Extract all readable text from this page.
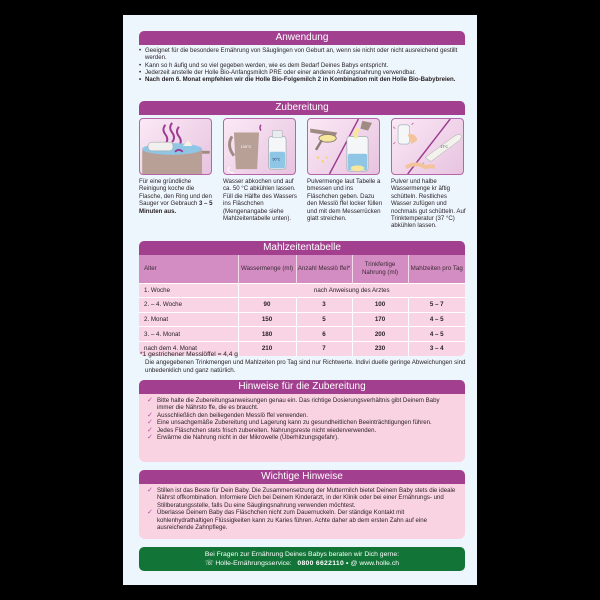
Anwendung
• Geeignet für die besondere Ernährung von Säuglingen von Geburt an, wenn sie nicht oder nicht ausreichend gestillt werden.
• Kann so h äufig und so viel gegeben werden, wie es dem Bedarf Deines Babys entspricht.
• Jederzeit anstelle der Holle Bio-Anfangsmilch PRE oder einer anderen Anfangsnahrung verwendbar.
• Nach dem 6. Monat empfehlen wir die Holle Bio-Folgemilch 2 in Kombination mit den Holle Bio-Babybreien.
Zubereitung
100°C
50°C
37°C
Für eine gründliche Reinigung koche die Flasche, den Ring und den Sauger vor Gebrauch 3 – 5 Minuten aus.
Wasser abkochen und auf ca. 50 °C abkühlen lassen. Füll die Hälfte des Wassers ins Fläschchen (Mengenangabe siehe Mahlzeitentabelle unten).
Pulvermenge laut Tabelle a bmessen und ins Fläschchen geben. Dazu den Messlö ffel locker füllen und mit dem Messerrücken glatt streichen.
Pulver und halbe Wassermenge kr äftig schütteln. Restliches Wasser zufügen und nochmals gut schütteln. Auf Trinktemperatur (37 °C) abkühlen lassen.
Mahlzeitentabelle
Alter	Wassermenge (ml)	Anzahl Messlö ffel*	Trinkfertige Nahrung (ml)	Mahlzeiten pro Tag
1. Woche	nach Anweisung des Arztes			
2. – 4. Woche	90	3	100	5 – 7
2. Monat	150	5	170	4 – 5
3. – 4. Monat	180	6	200	4 – 5
nach dem 4. Monat	210	7	230	3 – 4
*1 gestrichener Messlöffel = 4,4 g
Die angegebenen Trinkmengen und Mahlzeiten pro Tag sind nur Richtwerte. Indivi duelle geringe Abweichungen sind unbedenklich und ganz natürlich.
Hinweise für die Zubereitung
✓ Bitte halte die Zubereitungsanweisungen genau ein. Das richtige Dosierungsverhältnis gibt Deinem Baby immer die Nährsto ffe, die es braucht.
✓ Ausschließlich den beiliegenden Messlö ffel verwenden.
✓ Eine unsachgemäße Zubereitung und Lagerung kann zu gesundheitlichen Beeinträchtigungen führen.
✓ Jedes Fläschchen stets frisch zubereiten. Nahrungsreste nicht wiederverwenden.
✓ Erwärme die Nahrung nicht in der Mikrowelle (Überhitzungsgefahr).
Wichtige Hinweise
✓ Stillen ist das Beste für Dein Baby. Die Zusammensetzung der Muttermilch bietet Deinem Baby stets die ideale Nährst offkombination. Informiere Dich bei Deinem Kinderarzt, in der Klinik oder bei einer Ernährungs- und Stillberatungsstelle, falls Du eine Säuglingsnahrung verwenden möchtest.
✓ Überlasse Deinem Baby das Fläschchen nicht zum Dauernuckeln. Der ständige Kontakt mit kohlenhydrathaltigen Flüssigkeiten kann zu Karies führen. Achte daher ab dem ersten Zahn auf eine ausreichende Zahnpflege.
Bei Fragen zur Ernährung Deines Babys beraten wir Dich gerne:
☏ Holle-Ernährungsservice: 0800 6622110 • @ www.holle.ch
